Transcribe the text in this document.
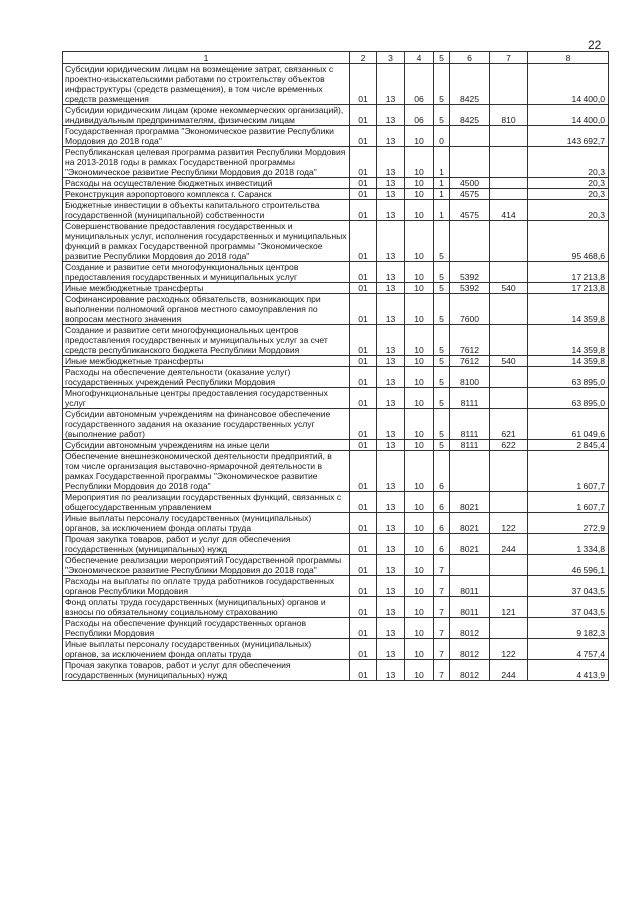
22
1	2	3	4	5	6	7	8
Субсидии юридическим лицам на возмещение затрат, связанных с проектно-изыскательскими работами по строительству объектов инфраструктуры (средств размещения), в том числе временных средств размещения	01	13	06	5	8425		14 400,0
Субсидии юридическим лицам (кроме некоммерческих организаций), индивидуальным предпринимателям, физическим лицам	01	13	06	5	8425	810	14 400,0
Государственная программа "Экономическое развитие Республики Мордовия до 2018 года"	01	13	10	0			143 692,7
Республиканская целевая программа развития Республики Мордовия на 2013-2018 годы в рамках Государственной программы "Экономическое развитие Республики Мордовия до 2018 года"	01	13	10	1			20,3
Расходы на осуществление бюджетных инвестиций	01	13	10	1	4500		20,3
Реконструкция аэропортового комплекса г. Саранск	01	13	10	1	4575		20,3
Бюджетные инвестиции в объекты капитального строительства государственной (муниципальной) собственности	01	13	10	1	4575	414	20,3
Совершенствование предоставления государственных и муниципальных услуг, исполнения государственных и муниципальных функций в рамках Государственной программы "Экономическое развитие Республики Мордовия до 2018 года"	01	13	10	5			95 468,6
Создание и развитие сети многофункциональных центров предоставления государственных и муниципальных услуг	01	13	10	5	5392		17 213,8
Иные межбюджетные трансферты	01	13	10	5	5392	540	17 213,8
Софинансирование расходных обязательств, возникающих при выполнении полномочий органов местного самоуправления по вопросам местного значения	01	13	10	5	7600		14 359,8
Создание и развитие сети многофункциональных центров предоставления государственных и муниципальных услуг за счет средств республиканского бюджета Республики Мордовия	01	13	10	5	7612		14 359,8
Иные межбюджетные трансферты	01	13	10	5	7612	540	14 359,8
Расходы на обеспечение деятельности (оказание услуг) государственных учреждений Республики Мордовия	01	13	10	5	8100		63 895,0
Многофункциональные центры предоставления государственных услуг	01	13	10	5	8111		63 895,0
Субсидии автономным учреждениям на финансовое обеспечение государственного задания на оказание государственных услуг (выполнение работ)	01	13	10	5	8111	621	61 049,6
Субсидии автономным учреждениям на иные цели	01	13	10	5	8111	622	2 845,4
Обеспечение внешнеэкономической деятельности предприятий, в том числе организация выставочно-ярмарочной деятельности в рамках Государственной программы "Экономическое развитие Республики Мордовия до 2018 года"	01	13	10	6			1 607,7
Мероприятия по реализации государственных функций, связанных с общегосударственным управлением	01	13	10	6	8021		1 607,7
Иные выплаты персоналу государственных (муниципальных) органов, за исключением фонда оплаты труда	01	13	10	6	8021	122	272,9
Прочая закупка товаров, работ и услуг для обеспечения государственных (муниципальных) нужд	01	13	10	6	8021	244	1 334,8
Обеспечение реализации мероприятий Государственной программы "Экономическое развитие Республики Мордовия до 2018 года"	01	13	10	7			46 596,1
Расходы на выплаты по оплате труда работников государственных органов Республики Мордовия	01	13	10	7	8011		37 043,5
Фонд оплаты труда государственных (муниципальных) органов и взносы по обязательному социальному страхованию	01	13	10	7	8011	121	37 043,5
Расходы на обеспечение функций государственных органов Республики Мордовия	01	13	10	7	8012		9 182,3
Иные выплаты персоналу государственных (муниципальных) органов, за исключением фонда оплаты труда	01	13	10	7	8012	122	4 757,4
Прочая закупка товаров, работ и услуг для обеспечения государственных (муниципальных) нужд	01	13	10	7	8012	244	4 413,9
